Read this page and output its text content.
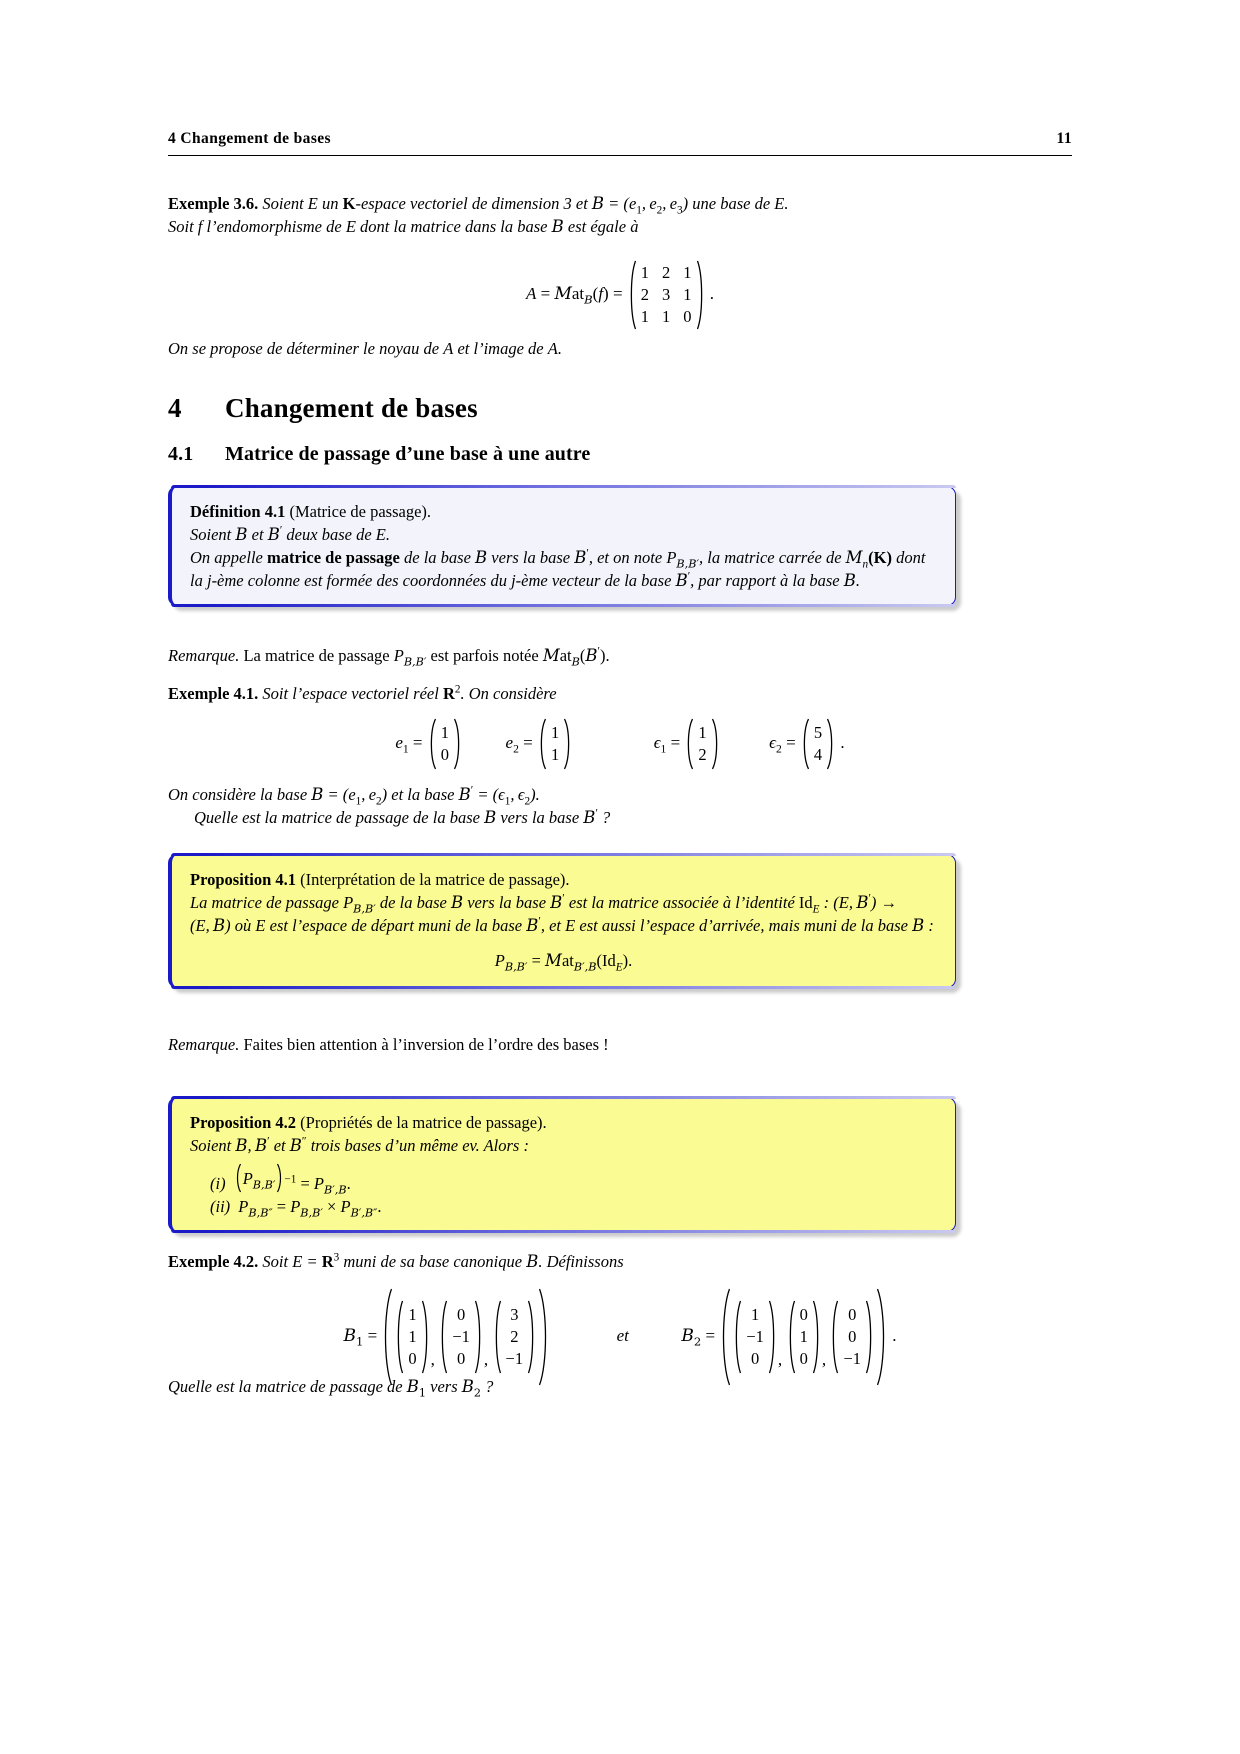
4 Changement de bases	11
Exemple 3.6. Soient E un K-espace vectoriel de dimension 3 et $B = (e_1$, $e_2$, $e_3$) une base de E.
Soit f l’endomorphisme de E dont la matrice dans la base B est égale à
A = Mat$_B$(f) =
1 2 1
2 3 1
1 1 0
.
On se propose de déterminer le noyau de A et l’image de A.
4 Changement de bases
4.1 Matrice de passage d’une base à une autre
Définition 4.1 (Matrice de passage).
Soient B et B′ deux base de E.
On appelle matrice de passage de la base B vers la base B′, et on note $P_{B,B'}$, la matrice carrée de $M_n(K)$ dont la j-ème colonne est formée des coordonnées du j-ème vecteur de la base B′, par rapport à la base B.
Remarque. La matrice de passage $P_{B,B'}$ est parfois notée Mat$_B$(B′).
Exemple 4.1. Soit l’espace vectoriel réel $R^2$. On considère
$e_1$ =
1
0
$e_2$ =
1
1
$\epsilon_1$ =
1
2
$\epsilon_2$ =
5
4
.
On considère la base $B = (e_1$, $e_2$) et la base $B' = (\epsilon_1$, $\epsilon_2$).
Quelle est la matrice de passage de la base B vers la base B′ ?
Proposition 4.1 (Interprétation de la matrice de passage).
La matrice de passage $P_{B,B'}$ de la base B vers la base B′ est la matrice associée à l’identité $Id_E$ : (E, B′) → (E, B) où E est l’espace de départ muni de la base B′, et E est aussi l’espace d’arrivée, mais muni de la base B :
$P_{B,B'} = Mat_{B',B}(Id_E)$.
Remarque. Faites bien attention à l’inversion de l’ordre des bases !
Proposition 4.2 (Propriétés de la matrice de passage).
Soient B, B′ et B″ trois bases d’un même ev. Alors :
(i) $P_{B,B'}$ $^{-1} = P_{B',B}$.
(ii) $P_{B,B''} = P_{B,B'} \times P_{B',B''}$.
Exemple 4.2. Soit $E = R^3$ muni de sa base canonique B. Définissons
$B_1$ =
1
1
0 , 
0
−1
0 , 
3
2
−1
et	$B_2$ =
1
−1
0 , 
0
1
0 , 
0
0
−1
.
Quelle est la matrice de passage de $B_1$ vers $B_2$ ?
